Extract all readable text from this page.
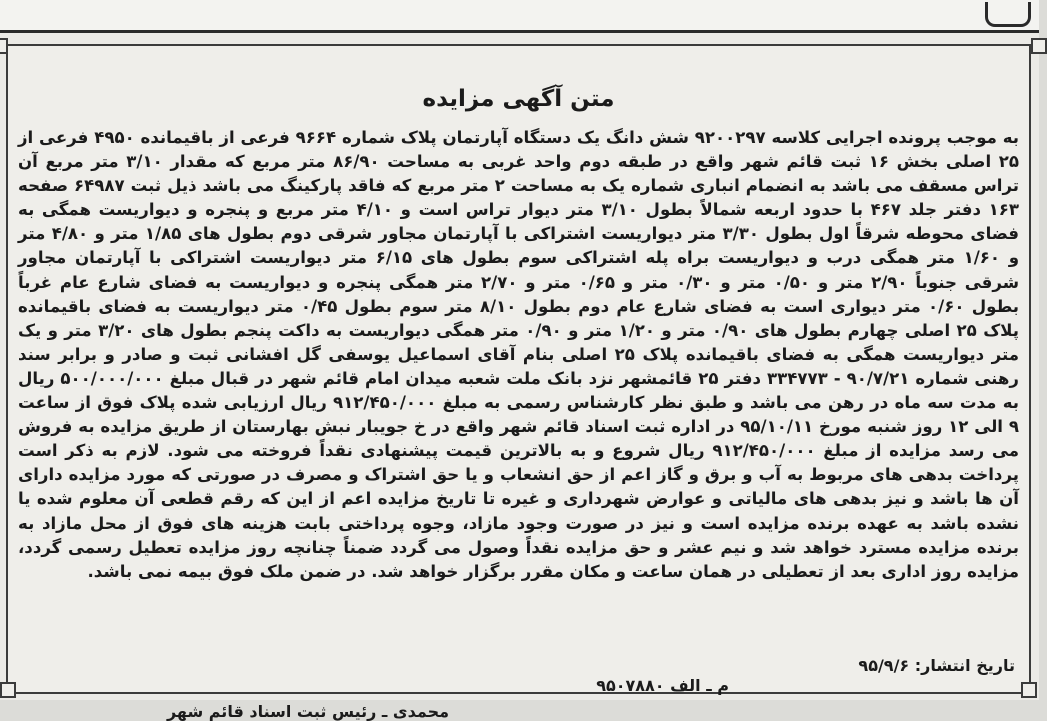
متن آگهی مزایده

به موجب پرونده اجرایی کلاسه ۹۲۰۰۲۹۷ شش دانگ یک دستگاه آپارتمان پلاک شماره ۹۶۶۴ فرعی از باقیمانده ۴۹۵۰ فرعی از ۲۵ اصلی بخش ۱۶ ثبت قائم شهر واقع در طبقه دوم واحد غربی به مساحت ۸۶/۹۰ متر مربع که مقدار ۳/۱۰ متر مربع آن تراس مسقف می باشد به انضمام انباری شماره یک به مساحت ۲ متر مربع که فاقد پارکینگ می باشد ذیل ثبت ۶۴۹۸۷ صفحه ۱۶۳ دفتر جلد ۴۶۷ با حدود اربعه شمالاً بطول ۳/۱۰ متر دیوار تراس است و ۴/۱۰ متر مربع و پنجره و دیواریست همگی به فضای محوطه شرقاً اول بطول ۳/۳۰ متر دیواریست اشتراکی با آپارتمان مجاور شرقی دوم بطول های ۱/۸۵ متر و ۴/۸۰ متر و ۱/۶۰ متر همگی درب و دیواریست براه پله اشتراکی سوم بطول های ۶/۱۵ متر دیواریست اشتراکی با آپارتمان مجاور شرقی جنوباً ۲/۹۰ متر و ۰/۵۰ متر و ۰/۳۰ متر و ۰/۶۵ متر و ۲/۷۰ متر همگی پنجره و دیواریست به فضای شارع عام غرباً بطول ۰/۶۰ متر دیواری است به فضای شارع عام دوم بطول ۸/۱۰ متر سوم بطول ۰/۴۵ متر دیواریست به فضای باقیمانده پلاک ۲۵ اصلی چهارم بطول های ۰/۹۰ متر و ۱/۲۰ متر و ۰/۹۰ متر همگی دیواریست به داکت پنجم بطول های ۳/۲۰ متر و یک متر دیواریست همگی به فضای باقیمانده پلاک ۲۵ اصلی بنام آقای اسماعیل یوسفی گل افشانی ثبت و صادر و برابر سند رهنی شماره ۹۰/۷/۲۱ - ۳۳۴۷۷۳ دفتر ۲۵ قائمشهر نزد بانک ملت شعبه میدان امام قائم شهر در قبال مبلغ ۵۰۰/۰۰۰/۰۰۰ ریال به مدت سه ماه در رهن می باشد و طبق نظر کارشناس رسمی به مبلغ ۹۱۲/۴۵۰/۰۰۰ ریال ارزیابی شده پلاک فوق از ساعت ۹ الی ۱۲ روز شنبه مورخ ۹۵/۱۰/۱۱ در اداره ثبت اسناد قائم شهر واقع در خ جویبار نبش بهارستان از طریق مزایده به فروش می رسد مزایده از مبلغ ۹۱۲/۴۵۰/۰۰۰ ریال شروع و به بالاترین قیمت پیشنهادی نقداً فروخته می شود. لازم به ذکر است پرداخت بدهی های مربوط به آب و برق و گاز اعم از حق انشعاب و یا حق اشتراک و مصرف در صورتی که مورد مزایده دارای آن ها باشد و نیز بدهی های مالیاتی و عوارض شهرداری و غیره تا تاریخ مزایده اعم از این که رقم قطعی آن معلوم شده یا نشده باشد به عهده برنده مزایده است و نیز در صورت وجود مازاد، وجوه پرداختی بابت هزینه های فوق از محل مازاد به برنده مزایده مسترد خواهد شد و نیم عشر و حق مزایده نقداً وصول می گردد ضمناً چنانچه روز مزایده تعطیل رسمی گردد، مزایده روز اداری بعد از تعطیلی در همان ساعت و مکان مقرر برگزار خواهد شد. در ضمن ملک فوق بیمه نمی باشد.

تاریخ انتشار: ۹۵/۹/۶
م ـ الف ۹۵۰۷۸۸۰
محمدی ـ رئیس ثبت اسناد قائم شهر
